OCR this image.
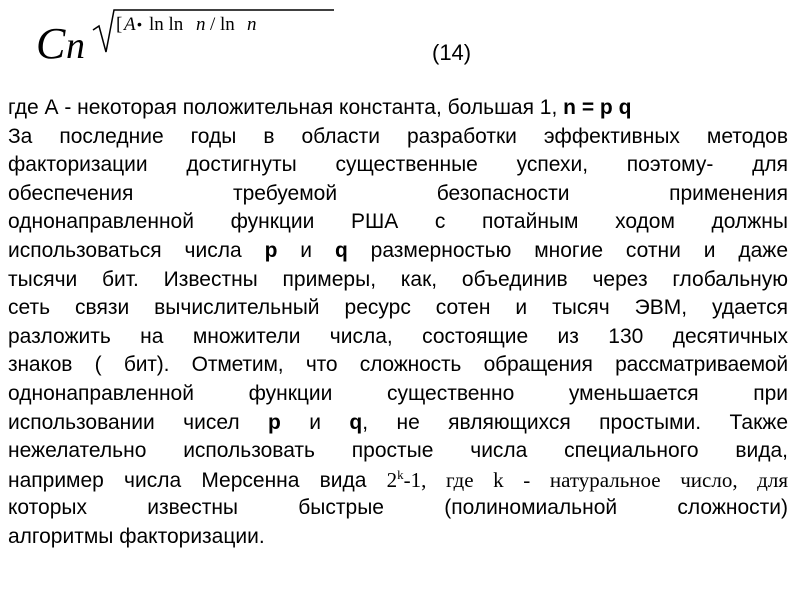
C n
[ A • ln ln n / ln n
(14)
где А - некоторая положительная константа, большая 1, n = p q
За последние годы в области разработки эффективных методов
факторизации достигнуты существенные успехи, поэтому- для
обеспечения требуемой безопасности применения
однонаправленной функции РША с потайным ходом должны
использоваться числа р и q размерностью многие сотни и даже
тысячи бит. Известны примеры, как, объединив через глобальную
сеть связи вычислительный ресурс сотен и тысяч ЭВМ, удается
разложить на множители числа, состоящие из 130 десятичных
знаков ( бит). Отметим, что сложность обращения рассматриваемой
однонаправленной функции существенно уменьшается при
использовании чисел р и q, не являющихся простыми. Также
нежелательно использовать простые числа специального вида,
например числа Мерсенна вида 2$^k$-1, где k - натуральное число, для
которых известны быстрые (полиномиальной сложности)
алгоритмы факторизации.
